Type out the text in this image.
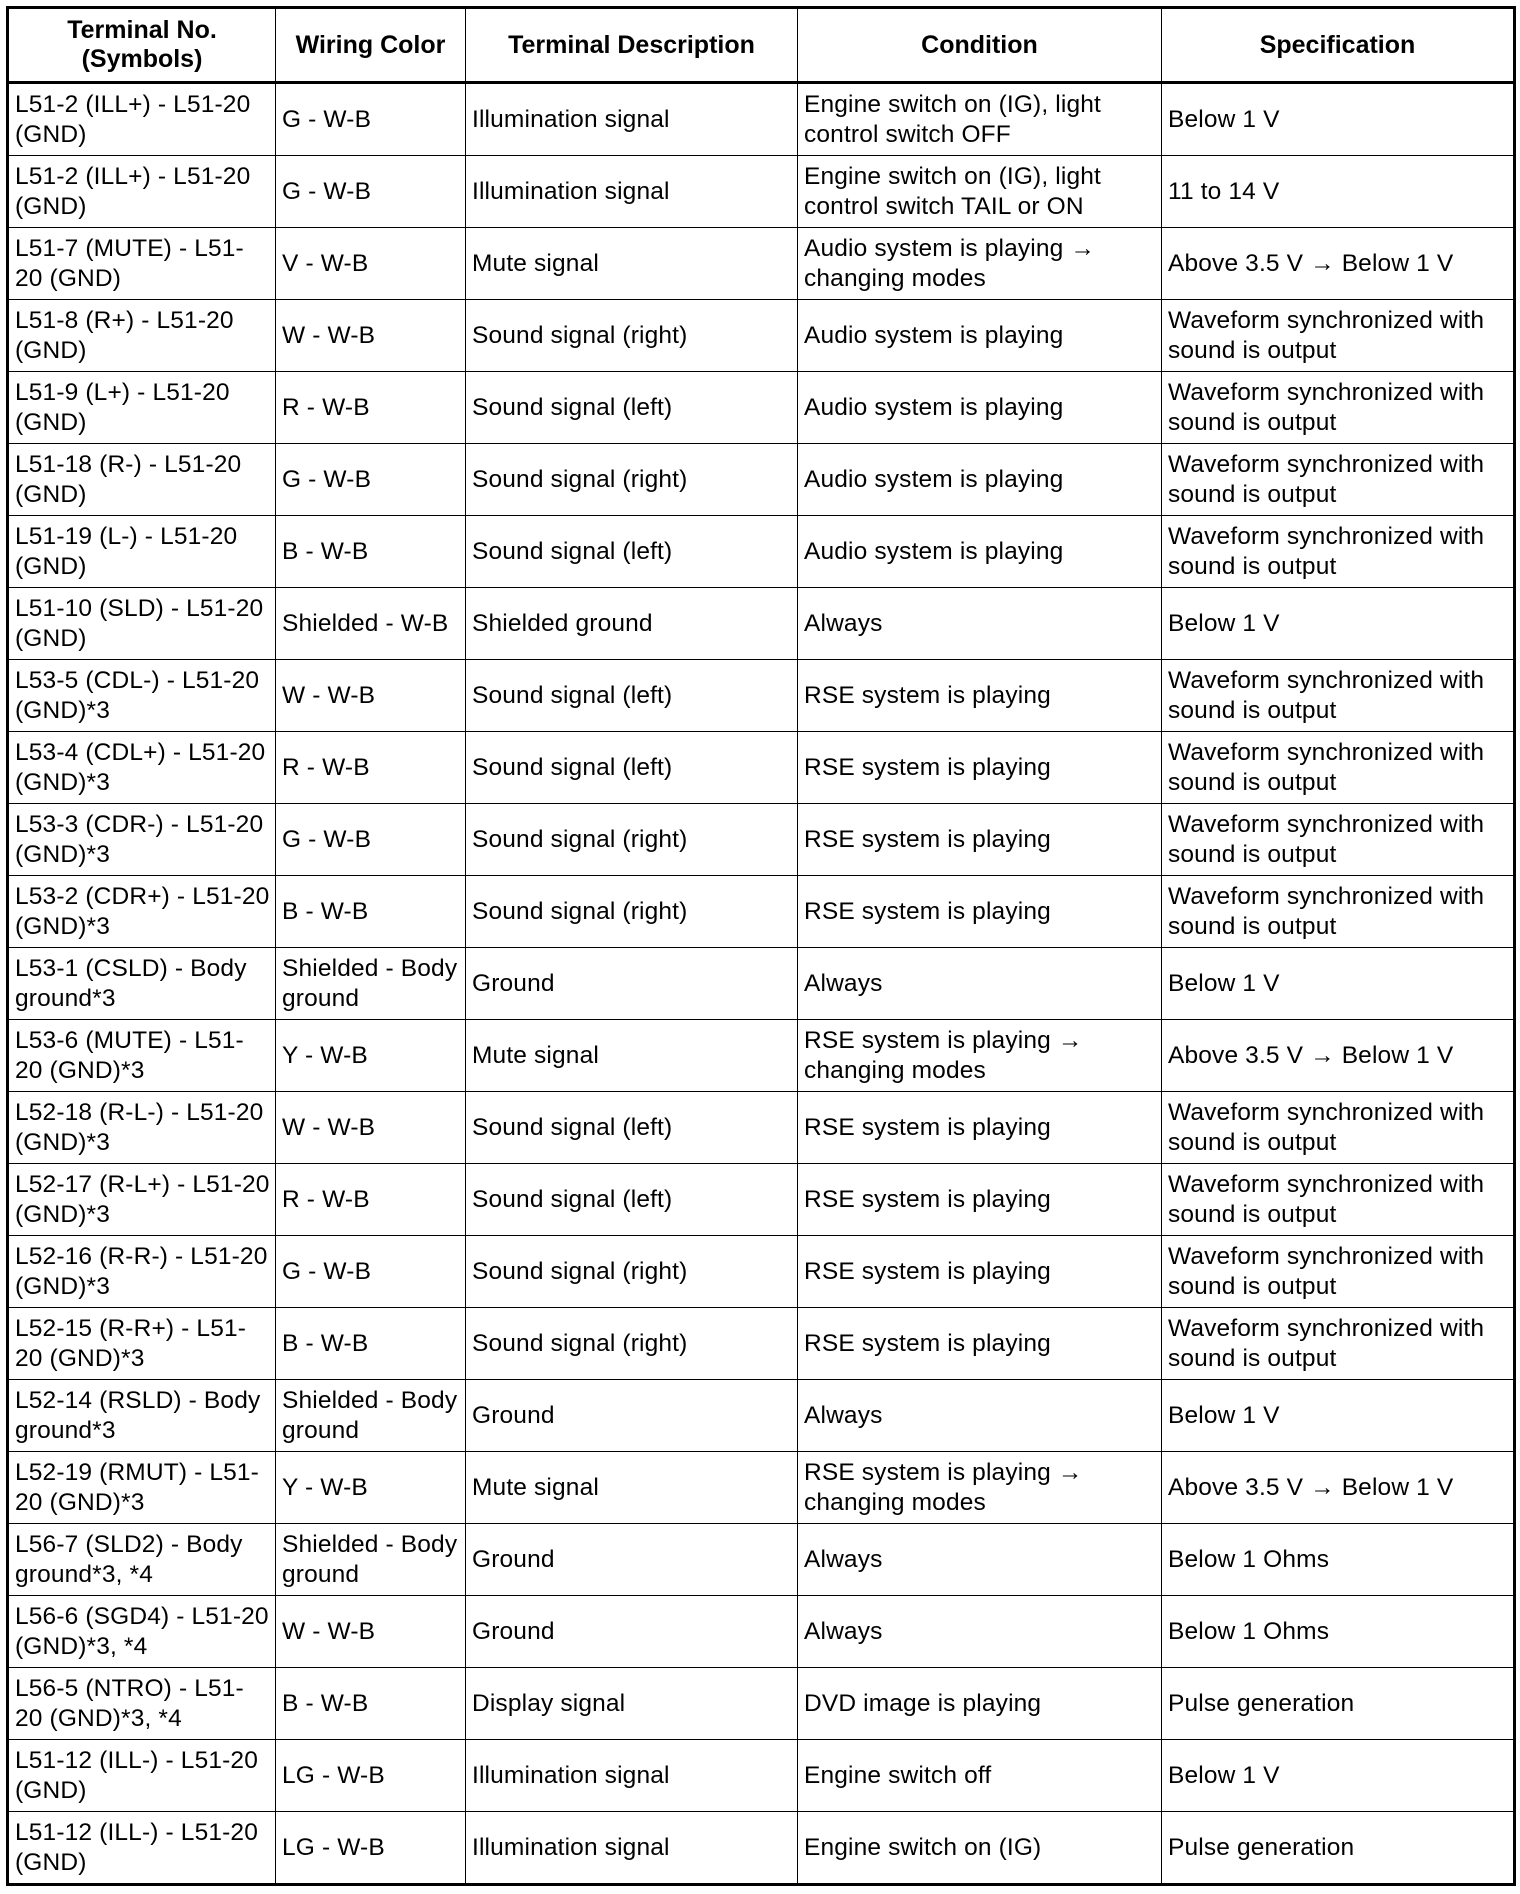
Terminal No. (Symbols)	Wiring Color	Terminal Description	Condition	Specification
L51-2 (ILL+) - L51-20 (GND)	G - W-B	Illumination signal	Engine switch on (IG), light control switch OFF	Below 1 V
L51-2 (ILL+) - L51-20 (GND)	G - W-B	Illumination signal	Engine switch on (IG), light control switch TAIL or ON	11 to 14 V
L51-7 (MUTE) - L51-20 (GND)	V - W-B	Mute signal	Audio system is playing → changing modes	Above 3.5 V → Below 1 V
L51-8 (R+) - L51-20 (GND)	W - W-B	Sound signal (right)	Audio system is playing	Waveform synchronized with sound is output
L51-9 (L+) - L51-20 (GND)	R - W-B	Sound signal (left)	Audio system is playing	Waveform synchronized with sound is output
L51-18 (R-) - L51-20 (GND)	G - W-B	Sound signal (right)	Audio system is playing	Waveform synchronized with sound is output
L51-19 (L-) - L51-20 (GND)	B - W-B	Sound signal (left)	Audio system is playing	Waveform synchronized with sound is output
L51-10 (SLD) - L51-20 (GND)	Shielded - W-B	Shielded ground	Always	Below 1 V
L53-5 (CDL-) - L51-20 (GND)*3	W - W-B	Sound signal (left)	RSE system is playing	Waveform synchronized with sound is output
L53-4 (CDL+) - L51-20 (GND)*3	R - W-B	Sound signal (left)	RSE system is playing	Waveform synchronized with sound is output
L53-3 (CDR-) - L51-20 (GND)*3	G - W-B	Sound signal (right)	RSE system is playing	Waveform synchronized with sound is output
L53-2 (CDR+) - L51-20 (GND)*3	B - W-B	Sound signal (right)	RSE system is playing	Waveform synchronized with sound is output
L53-1 (CSLD) - Body ground*3	Shielded - Body ground	Ground	Always	Below 1 V
L53-6 (MUTE) - L51-20 (GND)*3	Y - W-B	Mute signal	RSE system is playing → changing modes	Above 3.5 V → Below 1 V
L52-18 (R-L-) - L51-20 (GND)*3	W - W-B	Sound signal (left)	RSE system is playing	Waveform synchronized with sound is output
L52-17 (R-L+) - L51-20 (GND)*3	R - W-B	Sound signal (left)	RSE system is playing	Waveform synchronized with sound is output
L52-16 (R-R-) - L51-20 (GND)*3	G - W-B	Sound signal (right)	RSE system is playing	Waveform synchronized with sound is output
L52-15 (R-R+) - L51-20 (GND)*3	B - W-B	Sound signal (right)	RSE system is playing	Waveform synchronized with sound is output
L52-14 (RSLD) - Body ground*3	Shielded - Body ground	Ground	Always	Below 1 V
L52-19 (RMUT) - L51-20 (GND)*3	Y - W-B	Mute signal	RSE system is playing → changing modes	Above 3.5 V → Below 1 V
L56-7 (SLD2) - Body ground*3, *4	Shielded - Body ground	Ground	Always	Below 1 Ohms
L56-6 (SGD4) - L51-20 (GND)*3, *4	W - W-B	Ground	Always	Below 1 Ohms
L56-5 (NTRO) - L51-20 (GND)*3, *4	B - W-B	Display signal	DVD image is playing	Pulse generation
L51-12 (ILL-) - L51-20 (GND)	LG - W-B	Illumination signal	Engine switch off	Below 1 V
L51-12 (ILL-) - L51-20 (GND)	LG - W-B	Illumination signal	Engine switch on (IG)	Pulse generation
